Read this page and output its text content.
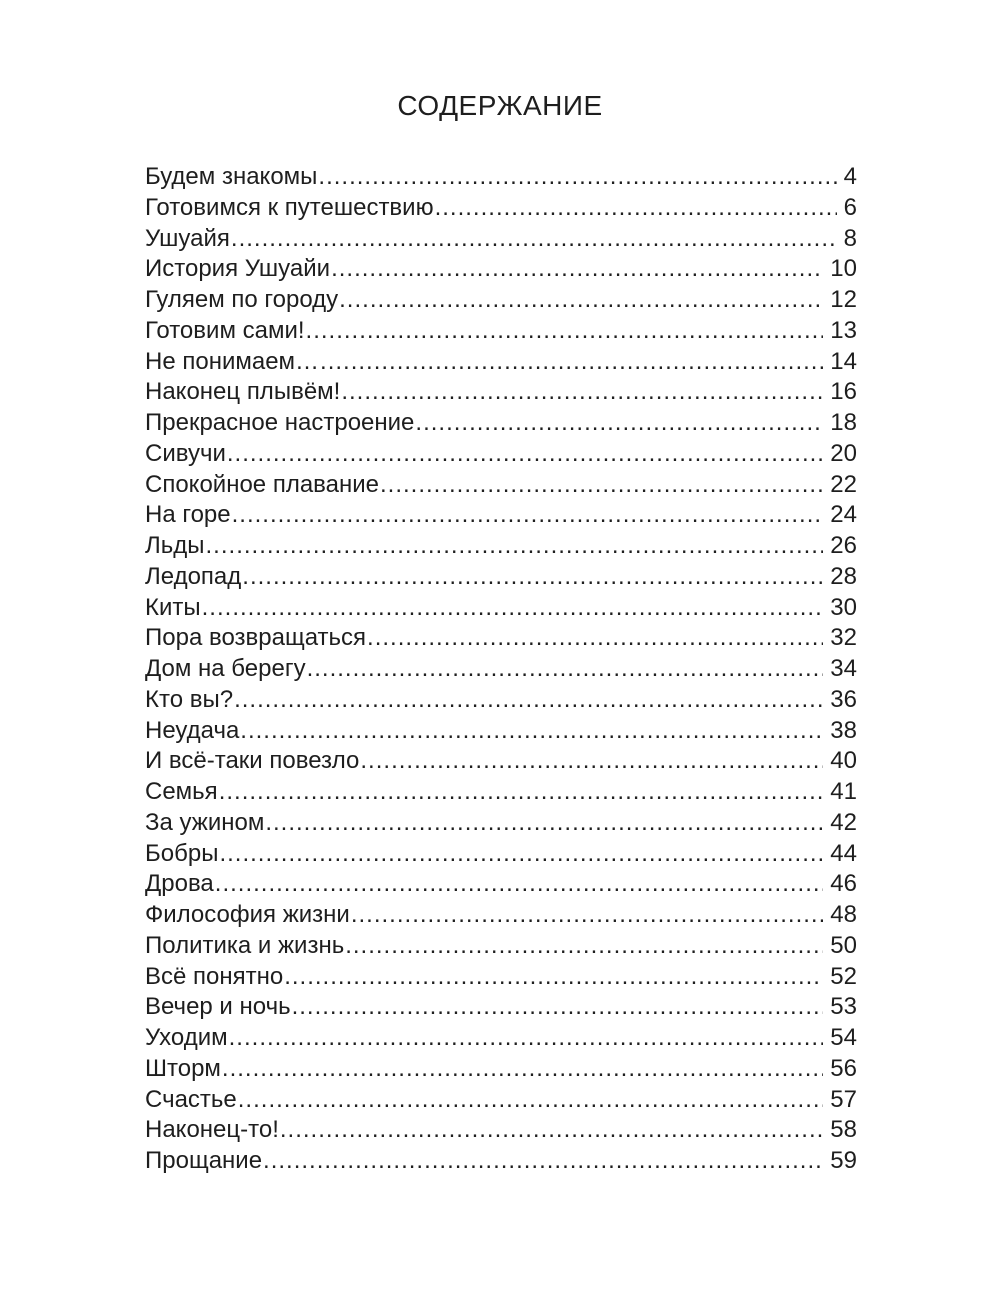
СОДЕРЖАНИЕ
Будем знакомы .....	4
Готовимся к путешествию .....	6
Ушуайя .....	8
История Ушуайи .....	10
Гуляем по городу .....	12
Готовим сами! .....	13
Не понимаем… .....	14
Наконец плывём! .....	16
Прекрасное настроение .....	18
Сивучи .....	20
Спокойное плавание .....	22
На горе .....	24
Льды .....	26
Ледопад .....	28
Киты .....	30
Пора возвращаться .....	32
Дом на берегу .....	34
Кто вы? .....	36
Неудача .....	38
И всё-таки повезло .....	40
Семья .....	41
За ужином .....	42
Бобры .....	44
Дрова .....	46
Философия жизни .....	48
Политика и жизнь .....	50
Всё понятно .....	52
Вечер и ночь .....	53
Уходим .....	54
Шторм .....	56
Счастье .....	57
Наконец-то! .....	58
Прощание .....	59
